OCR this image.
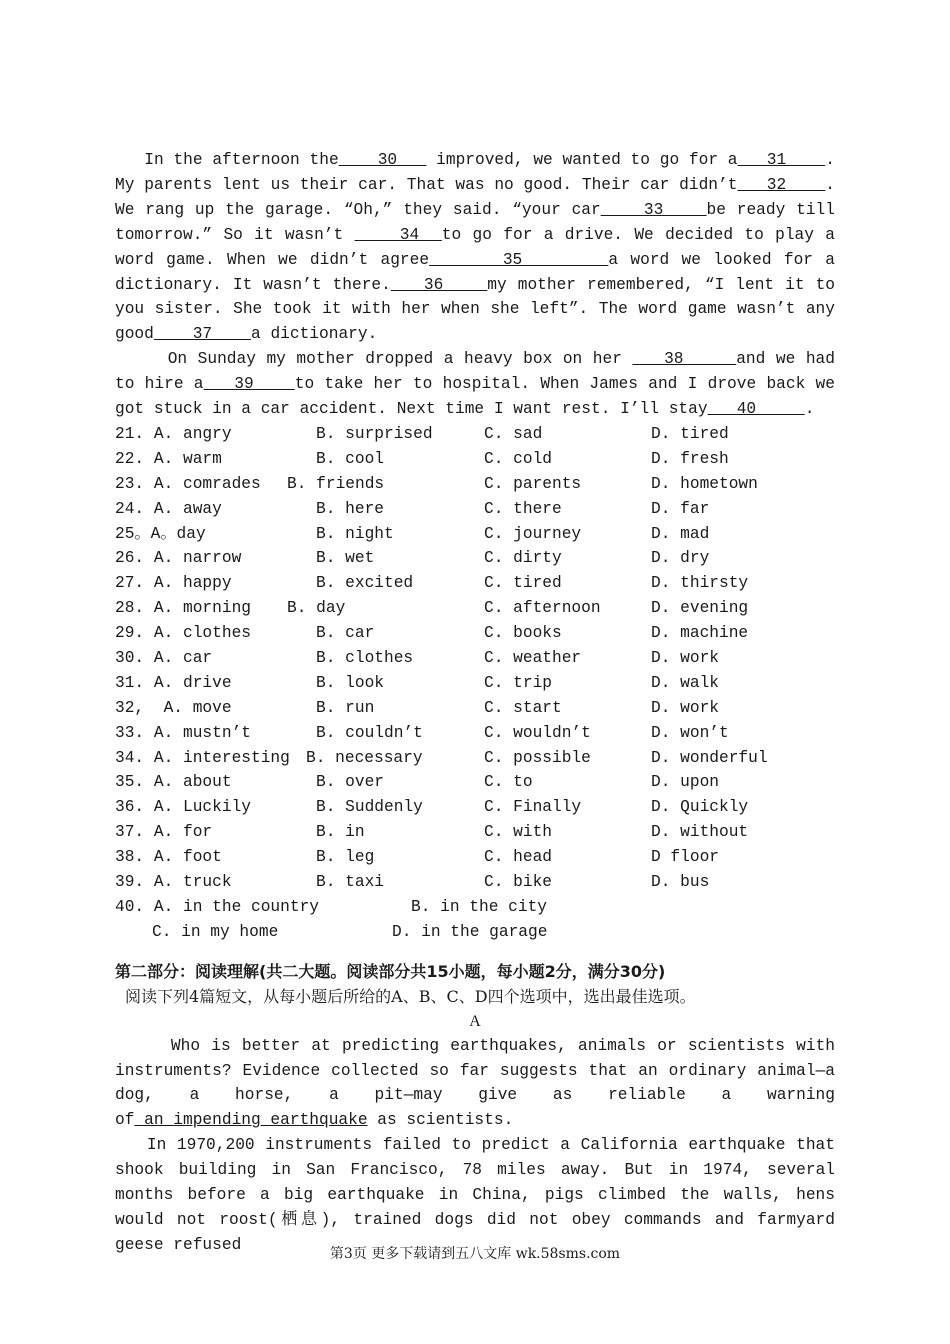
In the afternoon the    30    improved, we wanted to go for a   31    . My parents lent us their car. That was no good. Their car didn’t   32    . We rang up the garage. “Oh,” they said. “your car    33    be ready till tomorrow.” So it wasn’t     34  to go for a drive. We decided to play a word game. When we didn’t agree      35       a word we looked for a dictionary. It wasn’t there.   36    my mother remembered, “I lent it to you sister. She took it with her when she left”. The word game wasn’t any good    37    a dictionary.
On Sunday my mother dropped a heavy box on her    38     and we had to hire a   39    to take her to hospital. When James and I drove back we got stuck in a car accident. Next time I want rest. I’ll stay   40     .
21. A. angry	B. surprised	C. sad	D. tired
22. A. warm	B. cool	C. cold	D. fresh
23. A. comrades B. friends	C. parents	D. hometown
24. A. away	B. here	C. there	D. far
25。A。day	B. night	C. journey	D. mad
26. A. narrow	B. wet	C. dirty	D. dry
27. A. happy	B. excited	C. tired	D. thirsty
28. A. morning B. day	C. afternoon	D. evening
29. A. clothes	B. car	C. books	D. machine
30. A. car	B. clothes	C. weather	D. work
31. A. drive	B. look	C. trip	D. walk
32,  A. move	B. run	C. start	D. work
33. A. mustn’t	B. couldn’t	C. wouldn’t	D. won’t
34. A. interesting B. necessary	C. possible	D. wonderful
35. A. about	B. over	C. to	D. upon
36. A. Luckily	B. Suddenly	C. Finally	D. Quickly
37. A. for	B. in	C. with	D. without
38. A. foot	B. leg	C. head	D floor
39. A. truck	B. taxi	C. bike	D. bus
40. A. in the country	B. in the city
C. in my home	D. in the garage
第二部分：阅读理解(共二大题。阅读部分共15小题，每小题2分，满分30分)
阅读下列4篇短文，从每小题后所给的A、B、C、D四个选项中，选出最佳选项。
A
Who is better at predicting earthquakes, animals or scientists with instruments? Evidence collected so far suggests that an ordinary animal—a dog, a horse, a pit—may give as reliable a warning of an impending earthquake as scientists.
In 1970,200 instruments failed to predict a California earthquake that shook building in San Francisco, 78 miles away. But in 1974, several months before a big earthquake in China, pigs climbed the walls, hens would not roost(栖息), trained dogs did not obey commands and farmyard geese refused
第3页 更多下载请到五八文库 wk.58sms.com
